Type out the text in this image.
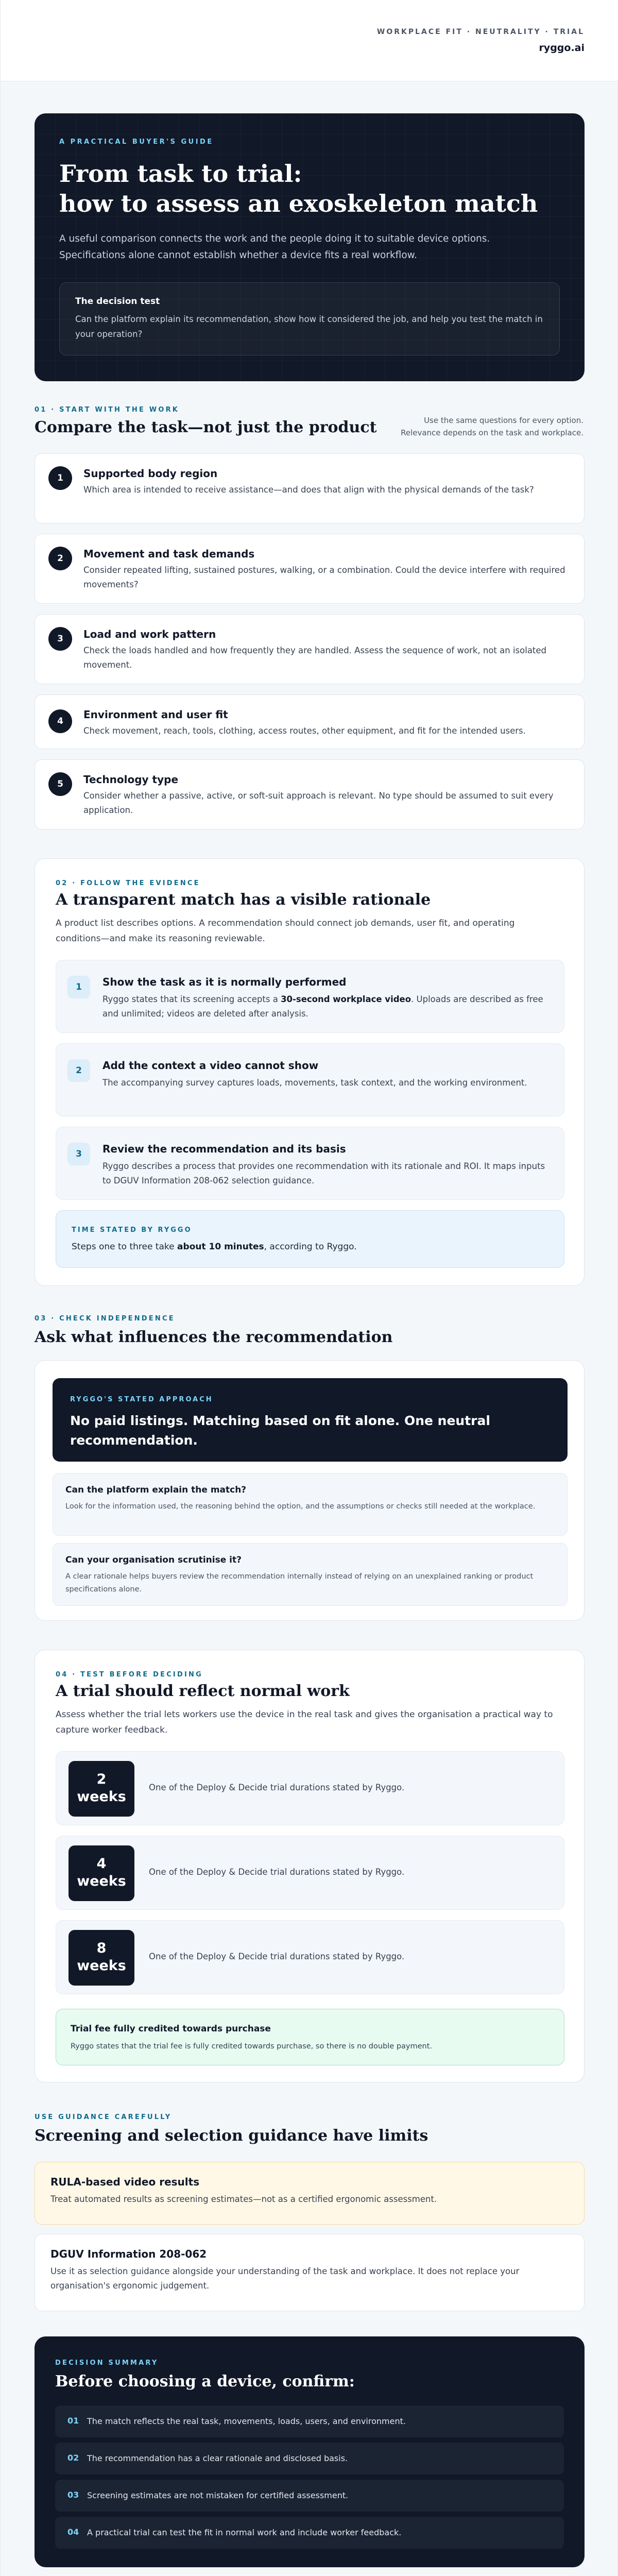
WORKPLACE FIT · NEUTRALITY · TRIAL
ryggo.ai
A PRACTICAL BUYER'S GUIDE
From task to trial:
how to assess an exoskeleton match

A useful comparison connects the work and the people doing it to suitable device options. Specifications alone cannot establish whether a device fits a real workflow.

The decision test
Can the platform explain its recommendation, show how it considered the job, and help you test the match in your operation?
01 · START WITH THE WORK
Compare the task—not just the product	Use the same questions for every option.
Relevance depends on the task and workplace.
1	Supported body region
Which area is intended to receive assistance—and does that align with the physical demands of the task?
2	Movement and task demands
Consider repeated lifting, sustained postures, walking, or a combination. Could the device interfere with required movements?
3	Load and work pattern
Check the loads handled and how frequently they are handled. Assess the sequence of work, not an isolated movement.
4
Environment and user fit
Check movement, reach, tools, clothing, access routes, other equipment, and fit for the intended users.
5	Technology type
Consider whether a passive, active, or soft-suit approach is relevant. No type should be assumed to suit every application.
02 · FOLLOW THE EVIDENCE
A transparent match has a visible rationale

A product list describes options. A recommendation should connect job demands, user fit, and operating conditions—and make its reasoning reviewable.

1	Show the task as it is normally performed
Ryggo states that its screening accepts a 30-second workplace video. Uploads are described as free and unlimited; videos are deleted after analysis.
2	Add the context a video cannot show
The accompanying survey captures loads, movements, task context, and the working environment.
3	Review the recommendation and its basis
Ryggo describes a process that provides one recommendation with its rationale and ROI. It maps inputs to DGUV Information 208-062 selection guidance.
TIME STATED BY RYGGO
Steps one to three take about 10 minutes, according to Ryggo.
03 · CHECK INDEPENDENCE
Ask what influences the recommendation
RYGGO'S STATED APPROACH
No paid listings. Matching based on fit alone. One neutral
recommendation.
Can the platform explain the match?
Look for the information used, the reasoning behind the option, and the assumptions or checks still needed at the workplace.
Can your organisation scrutinise it?
A clear rationale helps buyers review the recommendation internally instead of relying on an unexplained ranking or product specifications alone.
04 · TEST BEFORE DECIDING
A trial should reflect normal work

Assess whether the trial lets workers use the device in the real task and gives the organisation a practical way to capture worker feedback.

2
weeks
One of the Deploy & Decide trial durations stated by Ryggo.
4
weeks
One of the Deploy & Decide trial durations stated by Ryggo.
8
weeks
One of the Deploy & Decide trial durations stated by Ryggo.
Trial fee fully credited towards purchase
Ryggo states that the trial fee is fully credited towards purchase, so there is no double payment.
USE GUIDANCE CAREFULLY
Screening and selection guidance have limits
RULA-based video results
Treat automated results as screening estimates—not as a certified ergonomic assessment.
DGUV Information 208-062
Use it as selection guidance alongside your understanding of the task and workplace. It does not replace your organisation's ergonomic judgement.
DECISION SUMMARY
Before choosing a device, confirm:
01 The match reflects the real task, movements, loads, users, and environment.
02 The recommendation has a clear rationale and disclosed basis.
03 Screening estimates are not mistaken for certified assessment.
04 A practical trial can test the fit in normal work and include worker feedback.
